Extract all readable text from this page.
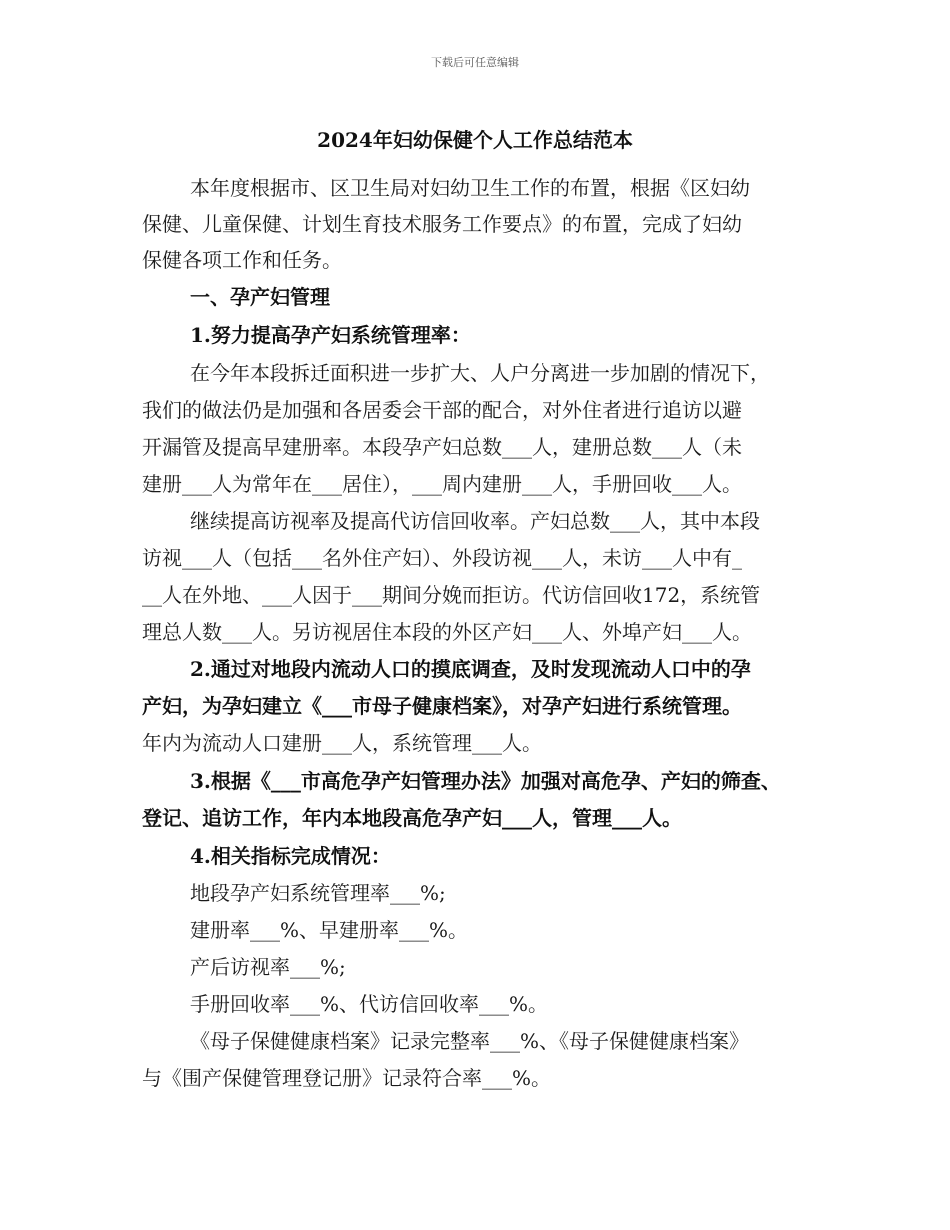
下载后可任意编辑
2024年妇幼保健个人工作总结范本
本年度根据市、区卫生局对妇幼卫生工作的布置，根据《区妇幼
保健、儿童保健、计划生育技术服务工作要点》的布置，完成了妇幼
保健各项工作和任务。
一、孕产妇管理
1.努力提高孕产妇系统管理率：
在今年本段拆迁面积进一步扩大、人户分离进一步加剧的情况下，
我们的做法仍是加强和各居委会干部的配合，对外住者进行追访以避
开漏管及提高早建册率。本段孕产妇总数___人，建册总数___人（未
建册___人为常年在___居住），___周内建册___人，手册回收___人。
继续提高访视率及提高代访信回收率。产妇总数___人，其中本段
访视___人（包括___名外住产妇）、外段访视___人，未访___人中有_
__人在外地、___人因于___期间分娩而拒访。代访信回收172，系统管
理总人数___人。另访视居住本段的外区产妇___人、外埠产妇___人。
2.通过对地段内流动人口的摸底调查，及时发现流动人口中的孕
产妇，为孕妇建立《___市母子健康档案》，对孕产妇进行系统管理。
年内为流动人口建册___人，系统管理___人。
3.根据《___市高危孕产妇管理办法》加强对高危孕、产妇的筛查、
登记、追访工作，年内本地段高危孕产妇___人，管理___人。
4.相关指标完成情况：
地段孕产妇系统管理率___%;
建册率___%、早建册率___%。
产后访视率___%;
手册回收率___%、代访信回收率___%。
《母子保健健康档案》记录完整率___%、《母子保健健康档案》
与《围产保健管理登记册》记录符合率___%。
